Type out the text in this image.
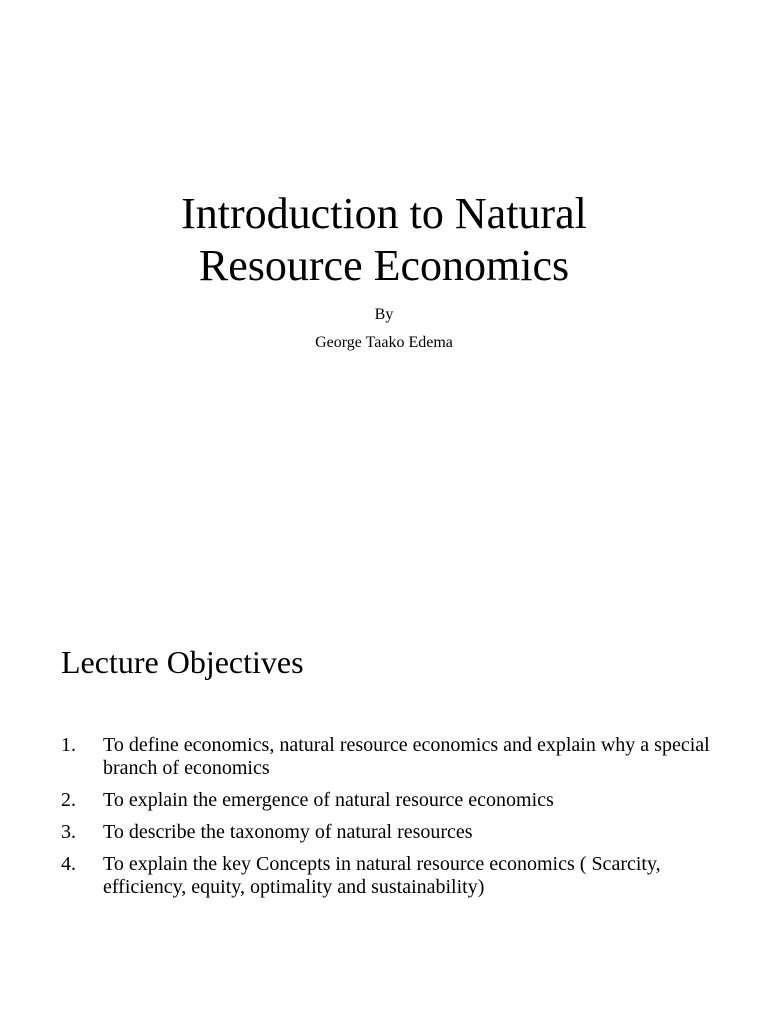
Introduction to Natural
Resource Economics

By

George Taako Edema

Lecture Objectives
1.	To define economics, natural resource economics and explain why a special branch of economics
2.	To explain the emergence of natural resource economics
3.	To describe the taxonomy of natural resources
4.	To explain the key Concepts in natural resource economics ( Scarcity, efficiency, equity, optimality and sustainability)
